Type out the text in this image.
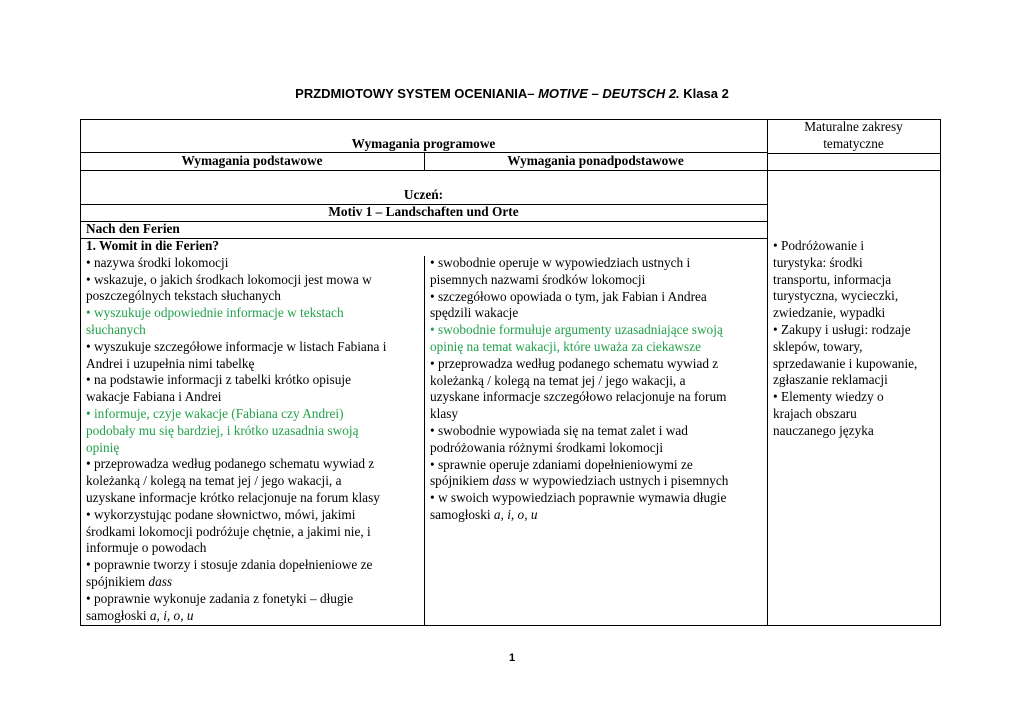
PRZDMIOTOWY SYSTEM OCENIANIA– MOTIVE – DEUTSCH 2. Klasa 2
Wymagania programowe
Maturalne zakresy
tematyczne
Wymagania podstawowe	Wymagania ponadpodstawowe
Uczeń:
Motiv 1 – Landschaften und Orte
Nach den Ferien
1. Womit in die Ferien?
• nazywa środki lokomocji
• wskazuje, o jakich środkach lokomocji jest mowa w
poszczególnych tekstach słuchanych
• wyszukuje odpowiednie informacje w tekstach
słuchanych
• wyszukuje szczegółowe informacje w listach Fabiana i
Andrei i uzupełnia nimi tabelkę
• na podstawie informacji z tabelki krótko opisuje
wakacje Fabiana i Andrei
• informuje, czyje wakacje (Fabiana czy Andrei)
podobały mu się bardziej, i krótko uzasadnia swoją
opinię
• przeprowadza według podanego schematu wywiad z
koleżanką / kolegą na temat jej / jego wakacji, a
uzyskane informacje krótko relacjonuje na forum klasy
• wykorzystując podane słownictwo, mówi, jakimi
środkami lokomocji podróżuje chętnie, a jakimi nie, i
informuje o powodach
• poprawnie tworzy i stosuje zdania dopełnieniowe ze
spójnikiem dass
• poprawnie wykonuje zadania z fonetyki – długie
samogłoski a, i, o, u
• swobodnie operuje w wypowiedziach ustnych i
pisemnych nazwami środków lokomocji
• szczegółowo opowiada o tym, jak Fabian i Andrea
spędzili wakacje
• swobodnie formułuje argumenty uzasadniające swoją
opinię na temat wakacji, które uważa za ciekawsze
• przeprowadza według podanego schematu wywiad z
koleżanką / kolegą na temat jej / jego wakacji, a
uzyskane informacje szczegółowo relacjonuje na forum
klasy
• swobodnie wypowiada się na temat zalet i wad
podróżowania różnymi środkami lokomocji
• sprawnie operuje zdaniami dopełnieniowymi ze
spójnikiem dass w wypowiedziach ustnych i pisemnych
• w swoich wypowiedziach poprawnie wymawia długie
samogłoski a, i, o, u
• Podróżowanie i
turystyka: środki
transportu, informacja
turystyczna, wycieczki,
zwiedzanie, wypadki
• Zakupy i usługi: rodzaje
sklepów, towary,
sprzedawanie i kupowanie,
zgłaszanie reklamacji
• Elementy wiedzy o
krajach obszaru
nauczanego języka
1
